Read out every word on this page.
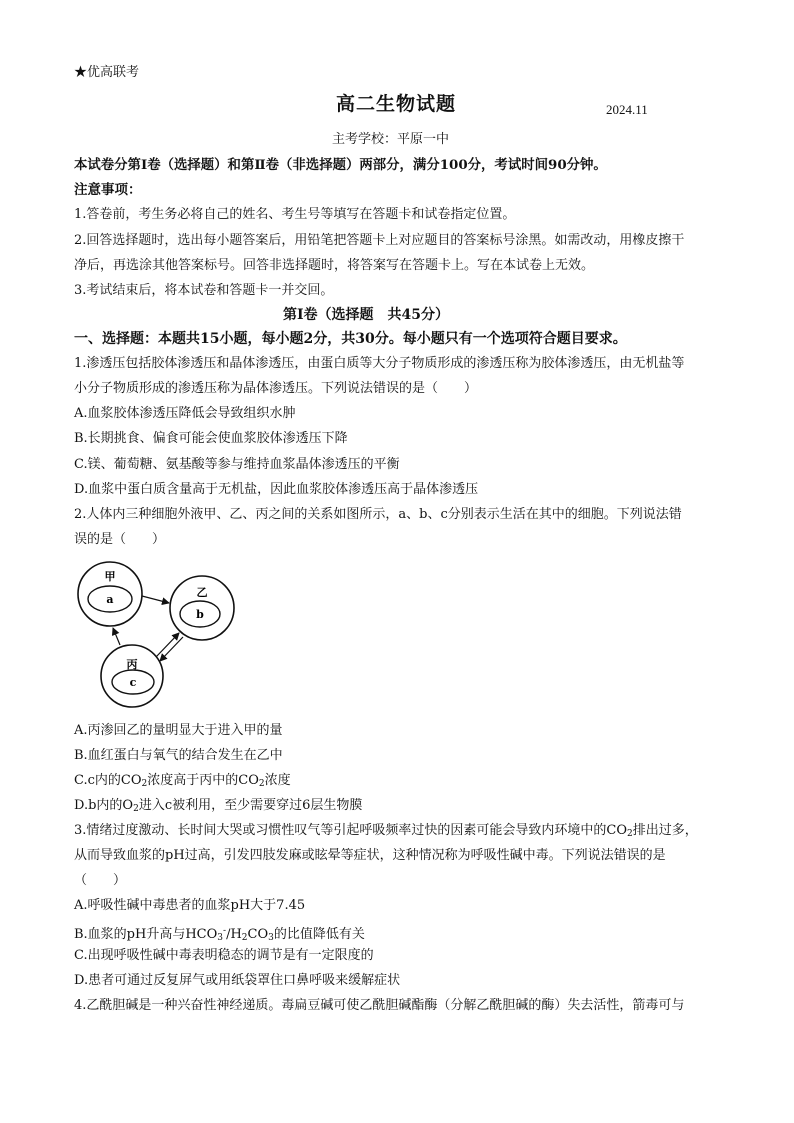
★优高联考
高二生物试题	2024.11
主考学校：平原一中
本试卷分第Ⅰ卷（选择题）和第Ⅱ卷（非选择题）两部分，满分100分，考试时间90分钟。
注意事项：
1.答卷前，考生务必将自己的姓名、考生号等填写在答题卡和试卷指定位置。
2.回答选择题时，选出每小题答案后，用铅笔把答题卡上对应题目的答案标号涂黑。如需改动，用橡皮擦干
净后，再选涂其他答案标号。回答非选择题时，将答案写在答题卡上。写在本试卷上无效。
3.考试结束后，将本试卷和答题卡一并交回。
第Ⅰ卷（选择题　共45分）
一、选择题：本题共15小题，每小题2分，共30分。每小题只有一个选项符合题目要求。
1.渗透压包括胶体渗透压和晶体渗透压，由蛋白质等大分子物质形成的渗透压称为胶体渗透压，由无机盐等
小分子物质形成的渗透压称为晶体渗透压。下列说法错误的是（　　）
A.血浆胶体渗透压降低会导致组织水肿
B.长期挑食、偏食可能会使血浆胶体渗透压下降
C.镁、葡萄糖、氨基酸等参与维持血浆晶体渗透压的平衡
D.血浆中蛋白质含量高于无机盐，因此血浆胶体渗透压高于晶体渗透压
2.人体内三种细胞外液甲、乙、丙之间的关系如图所示，a、b、c分别表示生活在其中的细胞。下列说法错
误的是（　　）
甲
a
乙
b
丙
c
A.丙渗回乙的量明显大于进入甲的量
B.血红蛋白与氧气的结合发生在乙中
C.c内的$CO_2$浓度高于丙中的$CO_2$浓度
D.b内的$O_2$进入c被利用，至少需要穿过6层生物膜
3.情绪过度激动、长时间大哭或习惯性叹气等引起呼吸频率过快的因素可能会导致内环境中的$CO_2$排出过多，
从而导致血浆的pH过高，引发四肢发麻或眩晕等症状，这种情况称为呼吸性碱中毒。下列说法错误的是
（　　）
A.呼吸性碱中毒患者的血浆pH大于7.45
B.血浆的pH升高与$HCO_3^-/H_2CO_3$的比值降低有关
C.出现呼吸性碱中毒表明稳态的调节是有一定限度的
D.患者可通过反复屏气或用纸袋罩住口鼻呼吸来缓解症状
4.乙酰胆碱是一种兴奋性神经递质。毒扁豆碱可使乙酰胆碱酯酶（分解乙酰胆碱的酶）失去活性，箭毒可与
